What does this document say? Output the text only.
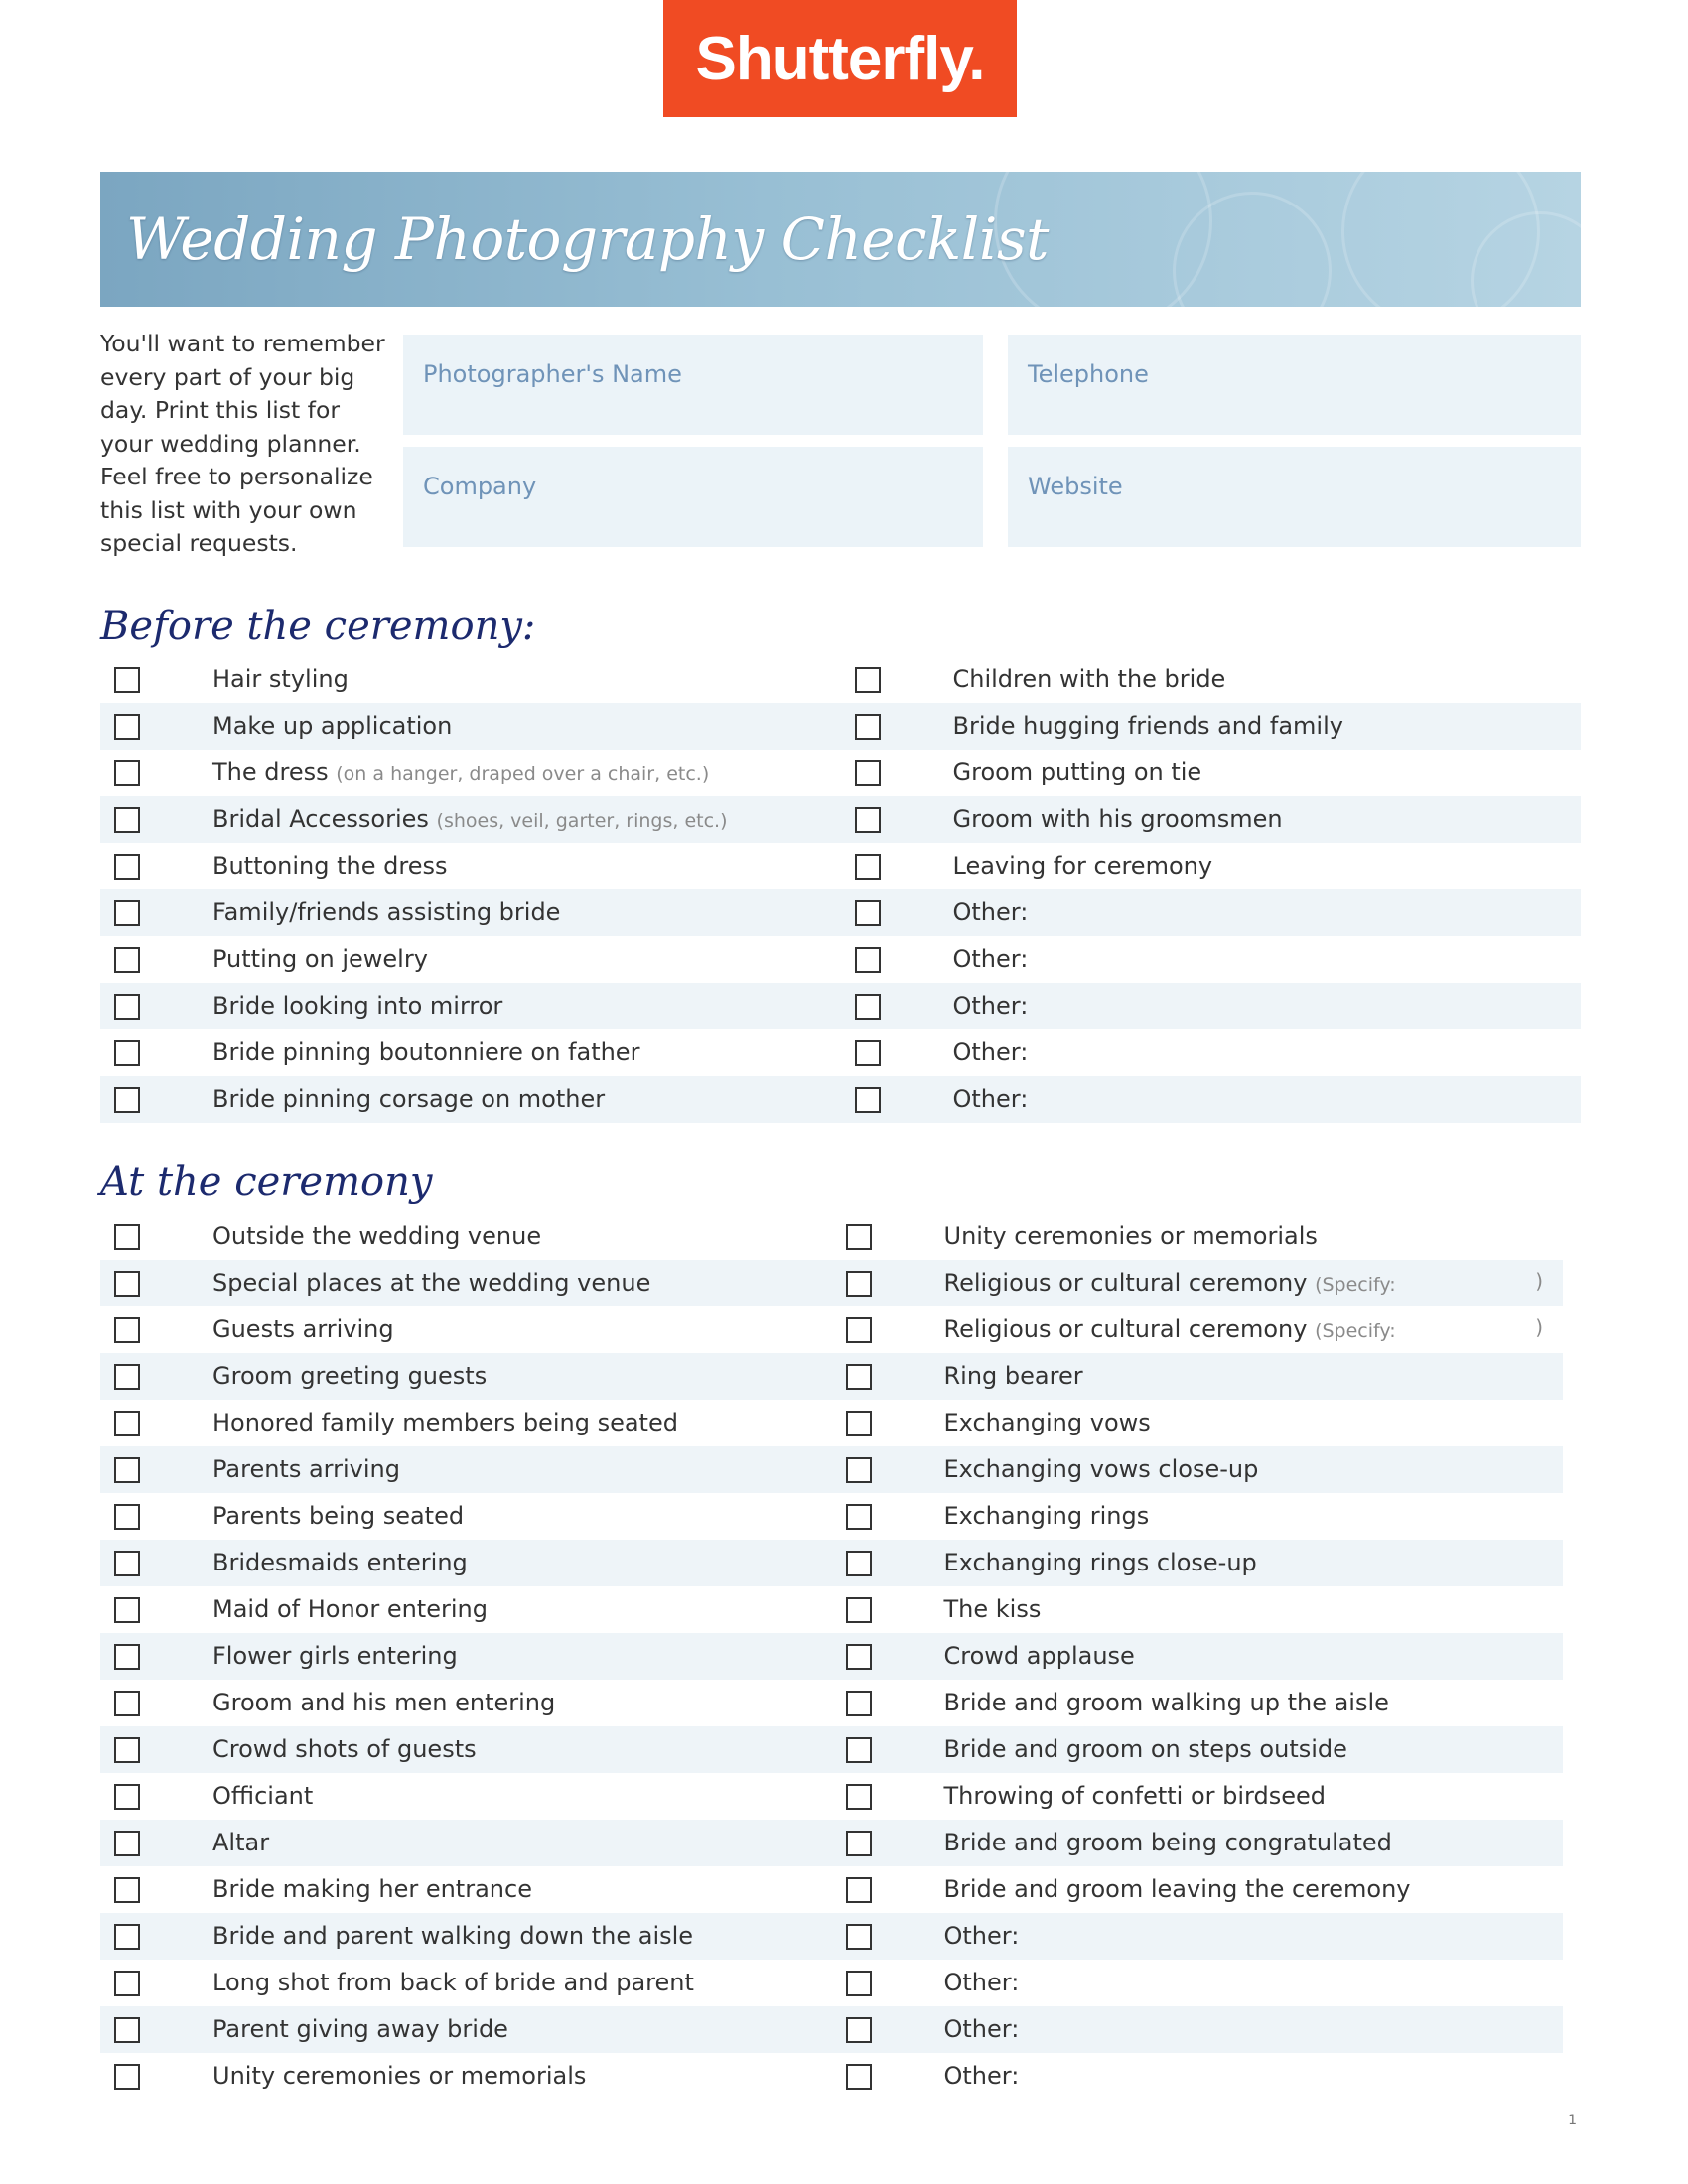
Shutterfly.
Wedding Photography Checklist
You'll want to remember every part of your big day. Print this list for your wedding planner. Feel free to personalize this list with your own special requests.
Photographer's Name	Telephone
Company	Website
Before the ceremony:
Hair styling	Children with the bride
Make up application	Bride hugging friends and family
The dress (on a hanger, draped over a chair, etc.)	Groom putting on tie
Bridal Accessories (shoes, veil, garter, rings, etc.)	Groom with his groomsmen
Buttoning the dress	Leaving for ceremony
Family/friends assisting bride	Other:
Putting on jewelry	Other:
Bride looking into mirror	Other:
Bride pinning boutonniere on father	Other:
Bride pinning corsage on mother	Other:
At the ceremony
Outside the wedding venue	Unity ceremonies or memorials
Special places at the wedding venue	Religious or cultural ceremony (Specify:	)
Guests arriving	Religious or cultural ceremony (Specify:	)
Groom greeting guests	Ring bearer
Honored family members being seated	Exchanging vows
Parents arriving	Exchanging vows close-up
Parents being seated	Exchanging rings
Bridesmaids entering	Exchanging rings close-up
Maid of Honor entering	The kiss
Flower girls entering	Crowd applause
Groom and his men entering	Bride and groom walking up the aisle
Crowd shots of guests	Bride and groom on steps outside
Officiant	Throwing of confetti or birdseed
Altar	Bride and groom being congratulated
Bride making her entrance	Bride and groom leaving the ceremony
Bride and parent walking down the aisle	Other:
Long shot from back of bride and parent	Other:
Parent giving away bride	Other:
Unity ceremonies or memorials	Other:
1
